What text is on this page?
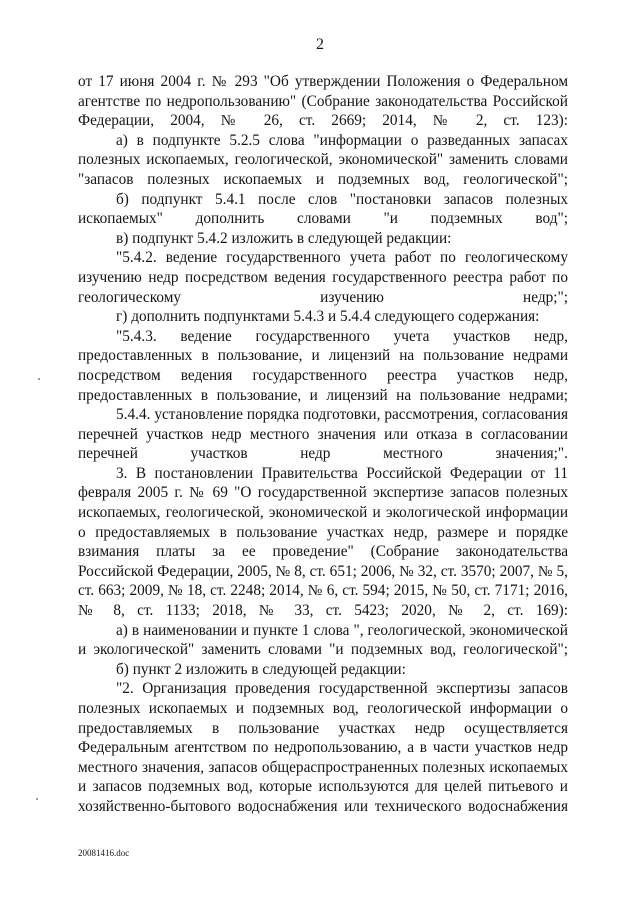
2

от 17 июня 2004 г. № 293 "Об утверждении Положения о Федеральном агентстве по недропользованию" (Собрание законодательства Российской Федерации, 2004, № 26, ст. 2669; 2014, № 2, ст. 123):

а) в подпункте 5.2.5 слова "информации о разведанных запасах полезных ископаемых, геологической, экономической" заменить словами "запасов полезных ископаемых и подземных вод, геологической";

б) подпункт 5.4.1 после слов "постановки запасов полезных ископаемых" дополнить словами "и подземных вод";

в) подпункт 5.4.2 изложить в следующей редакции:

"5.4.2. ведение государственного учета работ по геологическому изучению недр посредством ведения государственного реестра работ по геологическому изучению недр;";

г) дополнить подпунктами 5.4.3 и 5.4.4 следующего содержания:

"5.4.3. ведение государственного учета участков недр, предоставленных в пользование, и лицензий на пользование недрами посредством ведения государственного реестра участков недр, предоставленных в пользование, и лицензий на пользование недрами;

5.4.4. установление порядка подготовки, рассмотрения, согласования перечней участков недр местного значения или отказа в согласовании перечней участков недр местного значения;".

3. В постановлении Правительства Российской Федерации от 11 февраля 2005 г. № 69 "О государственной экспертизе запасов полезных ископаемых, геологической, экономической и экологической информации о предоставляемых в пользование участках недр, размере и порядке взимания платы за ее проведение" (Собрание законодательства Российской Федерации, 2005, № 8, ст. 651; 2006, № 32, ст. 3570; 2007, № 5, ст. 663; 2009, № 18, ст. 2248; 2014, № 6, ст. 594; 2015, № 50, ст. 7171; 2016, № 8, ст. 1133; 2018, № 33, ст. 5423; 2020, № 2, ст. 169):

а) в наименовании и пункте 1 слова ", геологической, экономической и экологической" заменить словами "и подземных вод, геологической";

б) пункт 2 изложить в следующей редакции:

"2. Организация проведения государственной экспертизы запасов полезных ископаемых и подземных вод, геологической информации о предоставляемых в пользование участках недр осуществляется Федеральным агентством по недропользованию, а в части участков недр местного значения, запасов общераспространенных полезных ископаемых и запасов подземных вод, которые используются для целей питьевого и хозяйственно-бытового водоснабжения или технического водоснабжения

20081416.doc
